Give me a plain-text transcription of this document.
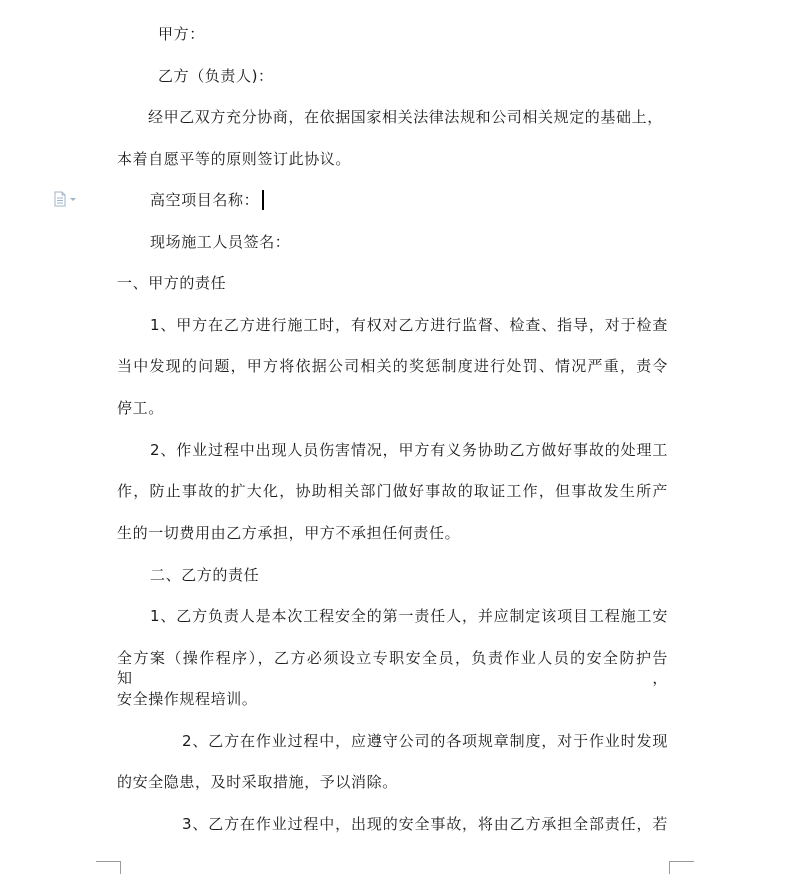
甲方：
乙方（负责人)：
经甲乙双方充分协商，在依据国家相关法律法规和公司相关规定的基础上，
本着自愿平等的原则签订此协议。
高空项目名称：
现场施工人员签名：
一、甲方的责任
1、甲方在乙方进行施工时，有权对乙方进行监督、检查、指导，对于检查
当中发现的问题，甲方将依据公司相关的奖惩制度进行处罚、情况严重，责令
停工。
2、作业过程中出现人员伤害情况，甲方有义务协助乙方做好事故的处理工
作，防止事故的扩大化，协助相关部门做好事故的取证工作，但事故发生所产
生的一切费用由乙方承担，甲方不承担任何责任。
二、乙方的责任
1、乙方负责人是本次工程安全的第一责任人，并应制定该项目工程施工安
全方案（操作程序），乙方必须设立专职安全员，负责作业人员的安全防护告知，
安全操作规程培训。
2、乙方在作业过程中，应遵守公司的各项规章制度，对于作业时发现
的安全隐患，及时采取措施，予以消除。
3、乙方在作业过程中，出现的安全事故，将由乙方承担全部责任，若
